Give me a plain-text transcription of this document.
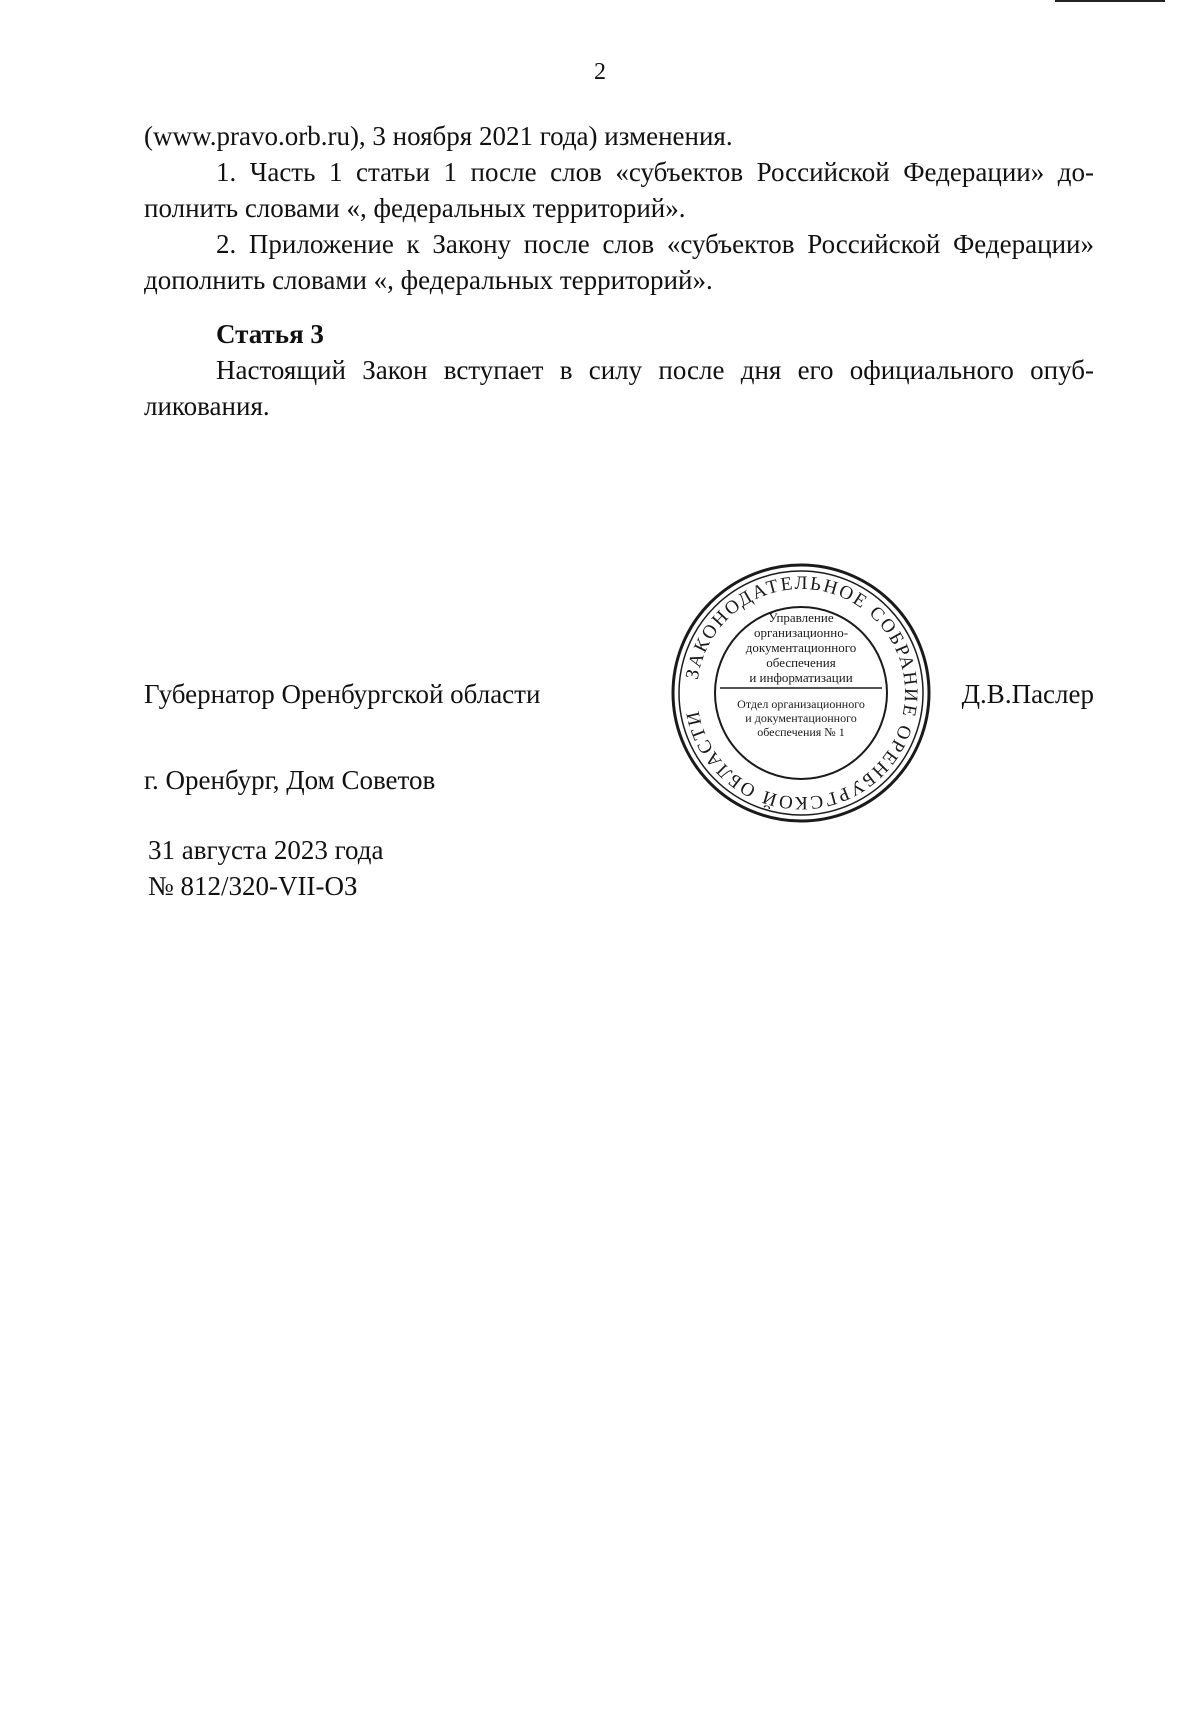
2
(www.pravo.orb.ru), 3 ноября 2021 года) изменения.
1. Часть 1 статьи 1 после слов «субъектов Российской Федерации» до-
полнить словами «, федеральных территорий».
2. Приложение к Закону после слов «субъектов Российской Федерации»
дополнить словами «, федеральных территорий».
Статья 3
Настоящий Закон вступает в силу после дня его официального опуб-
ликования.
Губернатор Оренбургской области	Д.В.Паслер
г. Оренбург, Дом Советов
31 августа 2023 года
№ 812/320-VII-ОЗ
ЗАКОНОДАТЕЛЬНОЕ СОБРАНИЕ ОРЕНБУРГСКОЙ ОБЛАСТИ
Управление
организационно-
документационного
обеспечения
и информатизации
Отдел организационного
и документационного
обеспечения № 1
